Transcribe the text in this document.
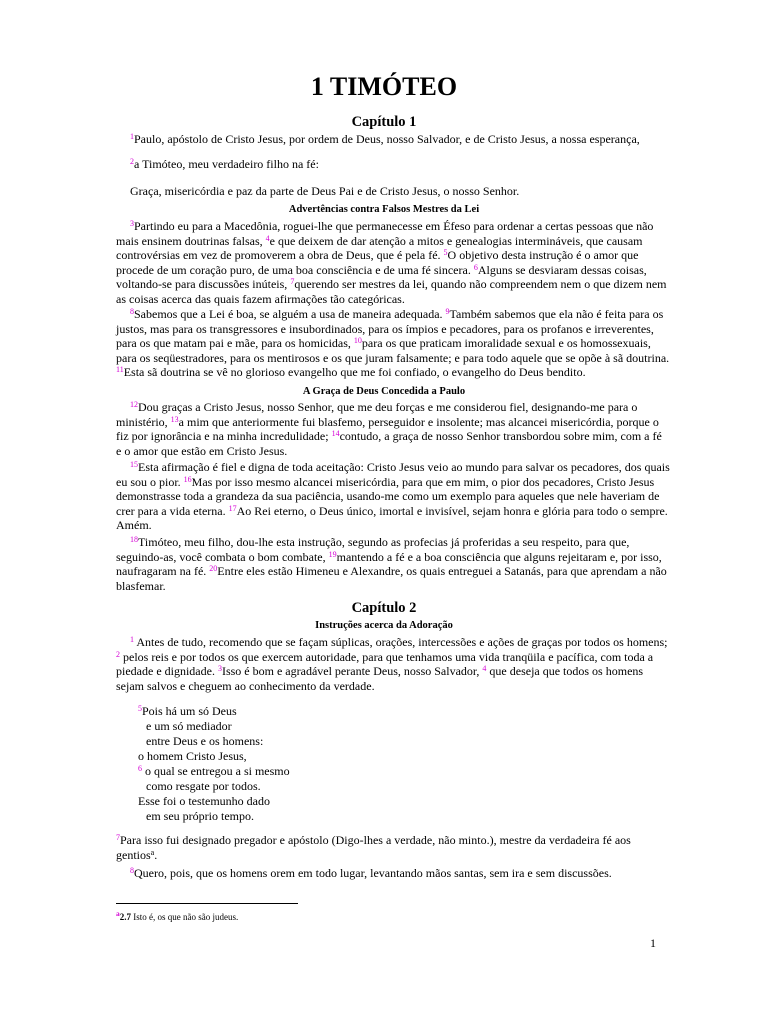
1 TIMÓTEO
Capítulo 1
$^1$Paulo, apóstolo de Cristo Jesus, por ordem de Deus, nosso Salvador, e de Cristo Jesus, a nossa esperança,
$^2$a Timóteo, meu verdadeiro filho na fé:
Graça, misericórdia e paz da parte de Deus Pai e de Cristo Jesus, o nosso Senhor.
Advertências contra Falsos Mestres da Lei
$^3$Partindo eu para a Macedônia, roguei-lhe que permanecesse em Éfeso para ordenar a certas pessoas que não
mais ensinem doutrinas falsas, $^4$e que deixem de dar atenção a mitos e genealogias intermináveis, que causam
controvérsias em vez de promoverem a obra de Deus, que é pela fé. $^5$O objetivo desta instrução é o amor que
procede de um coração puro, de uma boa consciência e de uma fé sincera. $^6$Alguns se desviaram dessas coisas,
voltando-se para discussões inúteis, $^7$querendo ser mestres da lei, quando não compreendem nem o que dizem nem
as coisas acerca das quais fazem afirmações tão categóricas.
$^8$Sabemos que a Lei é boa, se alguém a usa de maneira adequada. $^9$Também sabemos que ela não é feita para os
justos, mas para os transgressores e insubordinados, para os ímpios e pecadores, para os profanos e irreverentes,
para os que matam pai e mãe, para os homicidas, $^{10}$para os que praticam imoralidade sexual e os homossexuais,
para os seqüestradores, para os mentirosos e os que juram falsamente; e para todo aquele que se opõe à sã doutrina.
$^{11}$Esta sã doutrina se vê no glorioso evangelho que me foi confiado, o evangelho do Deus bendito.
A Graça de Deus Concedida a Paulo
$^{12}$Dou graças a Cristo Jesus, nosso Senhor, que me deu forças e me considerou fiel, designando-me para o
ministério, $^{13}$a mim que anteriormente fui blasfemo, perseguidor e insolente; mas alcancei misericórdia, porque o
fiz por ignorância e na minha incredulidade; $^{14}$contudo, a graça de nosso Senhor transbordou sobre mim, com a fé
e o amor que estão em Cristo Jesus.
$^{15}$Esta afirmação é fiel e digna de toda aceitação: Cristo Jesus veio ao mundo para salvar os pecadores, dos quais
eu sou o pior. $^{16}$Mas por isso mesmo alcancei misericórdia, para que em mim, o pior dos pecadores, Cristo Jesus
demonstrasse toda a grandeza da sua paciência, usando-me como um exemplo para aqueles que nele haveriam de
crer para a vida eterna. $^{17}$Ao Rei eterno, o Deus único, imortal e invisível, sejam honra e glória para todo o sempre.
Amém.
$^{18}$Timóteo, meu filho, dou-lhe esta instrução, segundo as profecias já proferidas a seu respeito, para que,
seguindo-as, você combata o bom combate, $^{19}$mantendo a fé e a boa consciência que alguns rejeitaram e, por isso,
naufragaram na fé. $^{20}$Entre eles estão Himeneu e Alexandre, os quais entreguei a Satanás, para que aprendam a não
blasfemar.
Capítulo 2
Instruções acerca da Adoração
$^1$ Antes de tudo, recomendo que se façam súplicas, orações, intercessões e ações de graças por todos os homens;
$^2$ pelos reis e por todos os que exercem autoridade, para que tenhamos uma vida tranqüila e pacífica, com toda a
piedade e dignidade. $^3$Isso é bom e agradável perante Deus, nosso Salvador, $^4$ que deseja que todos os homens
sejam salvos e cheguem ao conhecimento da verdade.
$^5$Pois há um só Deus
e um só mediador
entre Deus e os homens:
o homem Cristo Jesus,
$^6$ o qual se entregou a si mesmo
como resgate por todos.
Esse foi o testemunho dado
em seu próprio tempo.
$^7$Para isso fui designado pregador e apóstolo (Digo-lhes a verdade, não minto.), mestre da verdadeira fé aos
gentios$^a$.
$^8$Quero, pois, que os homens orem em todo lugar, levantando mãos santas, sem ira e sem discussões.
$^a$2.7 Isto é, os que não são judeus.
1
